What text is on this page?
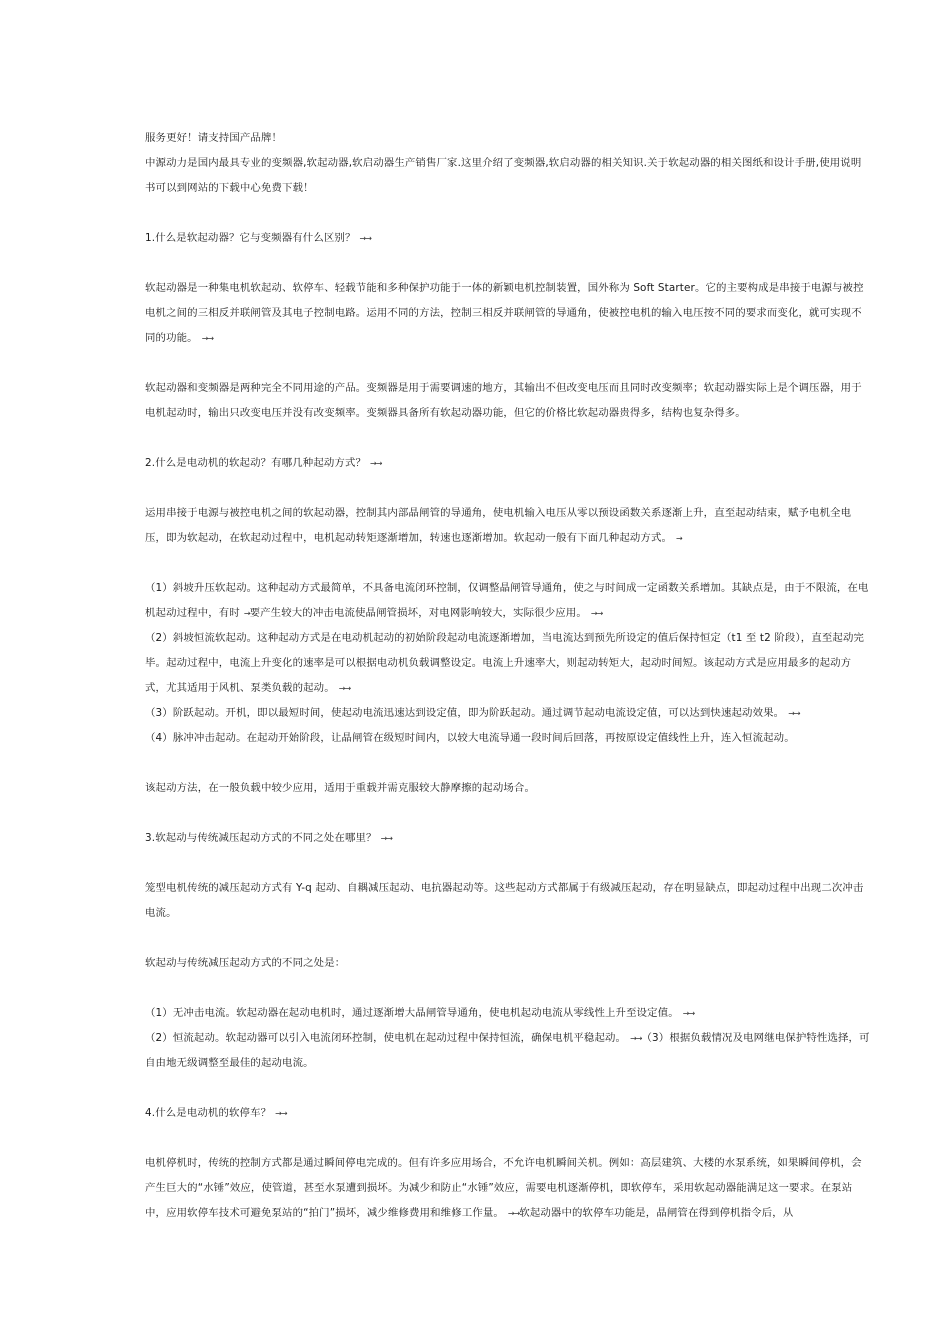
服务更好！请支持国产品牌！

中源动力是国内最具专业的变频器,软起动器,软启动器生产销售厂家.这里介绍了变频器,软启动器的相关知识.关于软起动器的相关图纸和设计手册,使用说明书可以到网站的下载中心免费下载！

1.什么是软起动器？它与变频器有什么区别？ →→

软起动器是一种集电机软起动、软停车、轻载节能和多种保护功能于一体的新颖电机控制装置，国外称为 Soft Starter。它的主要构成是串接于电源与被控电机之间的三相反并联闸管及其电子控制电路。运用不同的方法，控制三相反并联闸管的导通角，使被控电机的输入电压按不同的要求而变化，就可实现不同的功能。 →→

软起动器和变频器是两种完全不同用途的产品。变频器是用于需要调速的地方，其输出不但改变电压而且同时改变频率；软起动器实际上是个调压器，用于电机起动时，输出只改变电压并没有改变频率。变频器具备所有软起动器功能，但它的价格比软起动器贵得多，结构也复杂得多。

2.什么是电动机的软起动？有哪几种起动方式？ →→

运用串接于电源与被控电机之间的软起动器，控制其内部晶闸管的导通角，使电机输入电压从零以预设函数关系逐渐上升，直至起动结束，赋予电机全电压，即为软起动，在软起动过程中，电机起动转矩逐渐增加，转速也逐渐增加。软起动一般有下面几种起动方式。 →

（1）斜坡升压软起动。这种起动方式最简单，不具备电流闭环控制，仅调整晶闸管导通角，使之与时间成一定函数关系增加。其缺点是，由于不限流，在电机起动过程中，有时 →要产生较大的冲击电流使晶闸管损坏，对电网影响较大，实际很少应用。 →→

（2）斜坡恒流软起动。这种起动方式是在电动机起动的初始阶段起动电流逐渐增加，当电流达到预先所设定的值后保持恒定（t1 至 t2 阶段），直至起动完毕。起动过程中，电流上升变化的速率是可以根据电动机负载调整设定。电流上升速率大，则起动转矩大，起动时间短。该起动方式是应用最多的起动方式，尤其适用于风机、泵类负载的起动。 →→

（3）阶跃起动。开机，即以最短时间，使起动电流迅速达到设定值，即为阶跃起动。通过调节起动电流设定值，可以达到快速起动效果。 →→

（4）脉冲冲击起动。在起动开始阶段，让晶闸管在级短时间内，以较大电流导通一段时间后回落，再按原设定值线性上升，连入恒流起动。

该起动方法，在一般负载中较少应用，适用于重载并需克服较大静摩擦的起动场合。

3.软起动与传统减压起动方式的不同之处在哪里？ →→

笼型电机传统的减压起动方式有 Y-q 起动、自耦减压起动、电抗器起动等。这些起动方式都属于有级减压起动，存在明显缺点，即起动过程中出现二次冲击电流。

软起动与传统减压起动方式的不同之处是：

（1）无冲击电流。软起动器在起动电机时，通过逐渐增大晶闸管导通角，使电机起动电流从零线性上升至设定值。 →→

（2）恒流起动。软起动器可以引入电流闭环控制，使电机在起动过程中保持恒流，确保电机平稳起动。 →→（3）根据负载情况及电网继电保护特性选择，可自由地无级调整至最佳的起动电流。

4.什么是电动机的软停车？ →→

电机停机时，传统的控制方式都是通过瞬间停电完成的。但有许多应用场合，不允许电机瞬间关机。例如：高层建筑、大楼的水泵系统，如果瞬间停机，会产生巨大的“水锤”效应，使管道，甚至水泵遭到损坏。为减少和防止“水锤”效应，需要电机逐渐停机，即软停车，采用软起动器能满足这一要求。在泵站中，应用软停车技术可避免泵站的“拍门”损坏，减少维修费用和维修工作量。 →→软起动器中的软停车功能是，晶闸管在得到停机指令后，从
